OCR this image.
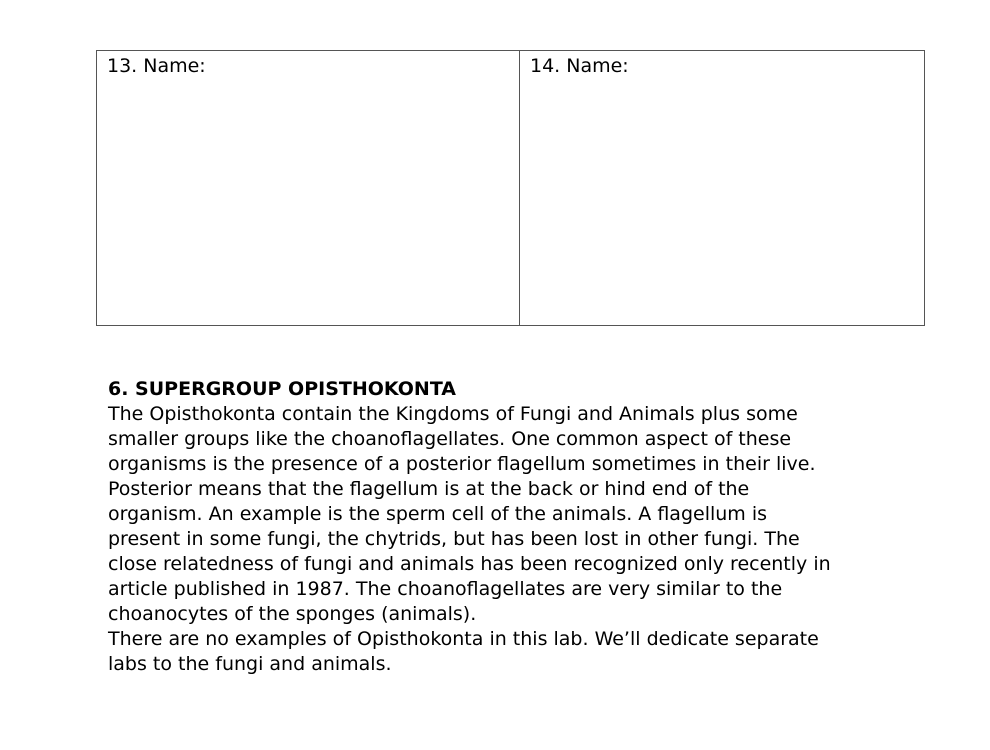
13. Name:	14. Name:

6. SUPERGROUP OPISTHOKONTA

The Opisthokonta contain the Kingdoms of Fungi and Animals plus some
smaller groups like the choanoflagellates. One common aspect of these
organisms is the presence of a posterior flagellum sometimes in their live.
Posterior means that the flagellum is at the back or hind end of the
organism. An example is the sperm cell of the animals. A flagellum is
present in some fungi, the chytrids, but has been lost in other fungi. The
close relatedness of fungi and animals has been recognized only recently in
article published in 1987. The choanoflagellates are very similar to the
choanocytes of the sponges (animals).

There are no examples of Opisthokonta in this lab. We’ll dedicate separate
labs to the fungi and animals.
